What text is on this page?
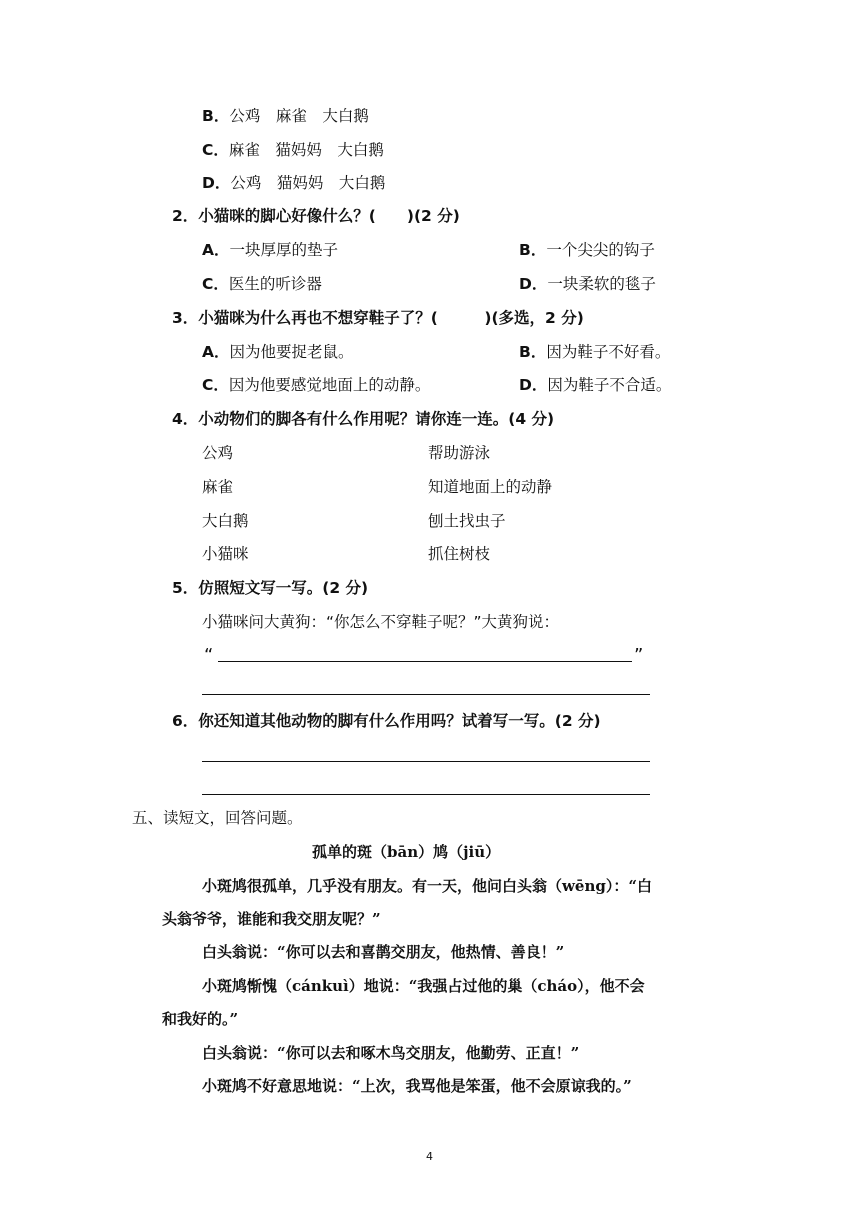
B．公鸡　麻雀　大白鹅
C．麻雀　猫妈妈　大白鹅
D．公鸡　猫妈妈　大白鹅
2．小猫咪的脚心好像什么？(　　)(2 分)
A．一块厚厚的垫子	B．一个尖尖的钩子
C．医生的听诊器	D．一块柔软的毯子
3．小猫咪为什么再也不想穿鞋子了？(　　　)(多选，2 分)
A．因为他要捉老鼠。	B．因为鞋子不好看。
C．因为他要感觉地面上的动静。	D．因为鞋子不合适。
4．小动物们的脚各有什么作用呢？请你连一连。(4 分)
公鸡	帮助游泳
麻雀	知道地面上的动静
大白鹅	刨土找虫子
小猫咪	抓住树枝
5．仿照短文写一写。(2 分)
小猫咪问大黄狗：“你怎么不穿鞋子呢？”大黄狗说：
“	”
6．你还知道其他动物的脚有什么作用吗？试着写一写。(2 分)
五、读短文，回答问题。
孤单的斑（bān）鸠（jiū）
小斑鸠很孤单，几乎没有朋友。有一天，他问白头翁（wēng）：“白
头翁爷爷，谁能和我交朋友呢？”
白头翁说：“你可以去和喜鹊交朋友，他热情、善良！”
小斑鸠惭愧（cánkuì）地说：“我强占过他的巢（cháo），他不会
和我好的。”
白头翁说：“你可以去和啄木鸟交朋友，他勤劳、正直！”
小斑鸠不好意思地说：“上次，我骂他是笨蛋，他不会原谅我的。”
4
